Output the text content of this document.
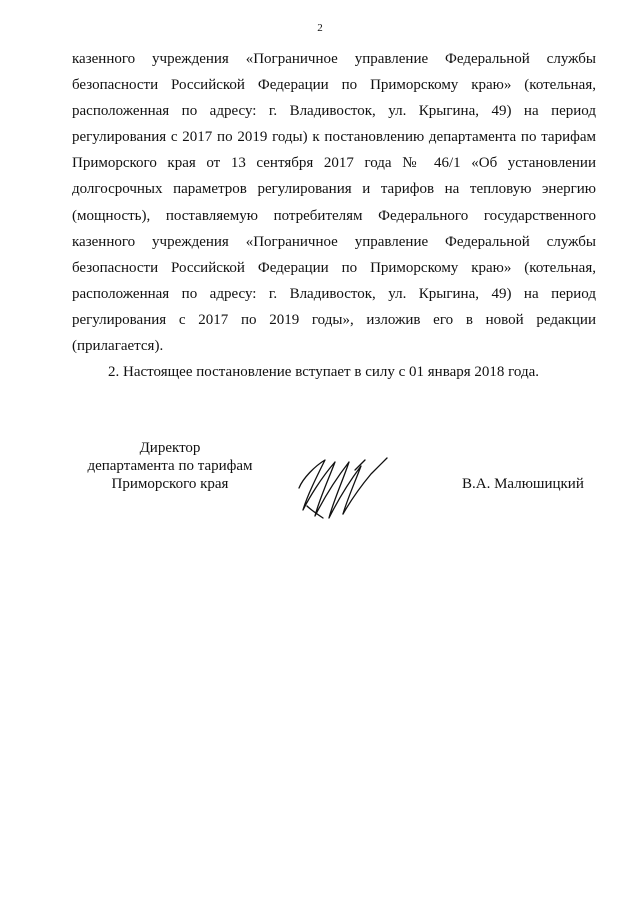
2

казенного учреждения «Пограничное управление Федеральной службы безопасности Российской Федерации по Приморскому краю» (котельная, расположенная по адресу: г. Владивосток, ул. Крыгина, 49) на период регулирования с 2017 по 2019 годы) к постановлению департамента по тарифам Приморского края от 13 сентября 2017 года № 46/1 «Об установлении долгосрочных параметров регулирования и тарифов на тепловую энергию (мощность), поставляемую потребителям Федерального государственного казенного учреждения «Пограничное управление Федеральной службы безопасности Российской Федерации по Приморскому краю» (котельная, расположенная по адресу: г. Владивосток, ул. Крыгина, 49) на период регулирования с 2017 по 2019 годы», изложив его в новой редакции (прилагается).

2. Настоящее постановление вступает в силу с 01 января 2018 года.

Директор
департамента по тарифам
Приморского края	В.А. Малюшицкий
